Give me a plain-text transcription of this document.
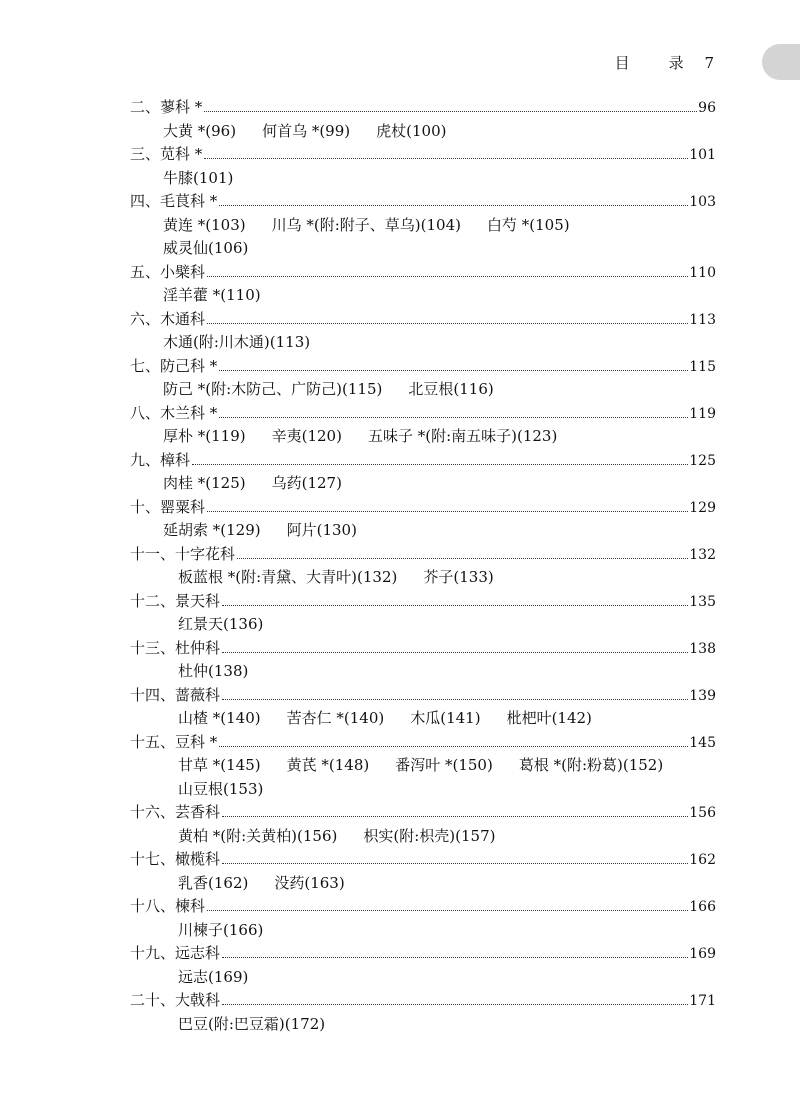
目　录 7
二、蓼科 *	96
大黄 *(96) 何首乌 *(99) 虎杖(100)
三、苋科 *	101
牛膝(101)
四、毛茛科 *	103
黄连 *(103) 川乌 *(附:附子、草乌)(104) 白芍 *(105)
威灵仙(106)
五、小檗科	110
淫羊藿 *(110)
六、木通科	113
木通(附:川木通)(113)
七、防己科 *	115
防己 *(附:木防己、广防己)(115) 北豆根(116)
八、木兰科 *	119
厚朴 *(119) 辛夷(120) 五味子 *(附:南五味子)(123)
九、樟科	125
肉桂 *(125) 乌药(127)
十、罂粟科	129
延胡索 *(129) 阿片(130)
十一、十字花科	132
板蓝根 *(附:青黛、大青叶)(132) 芥子(133)
十二、景天科	135
红景天(136)
十三、杜仲科	138
杜仲(138)
十四、蔷薇科	139
山楂 *(140) 苦杏仁 *(140) 木瓜(141) 枇杷叶(142)
十五、豆科 *	145
甘草 *(145) 黄芪 *(148) 番泻叶 *(150) 葛根 *(附:粉葛)(152)
山豆根(153)
十六、芸香科	156
黄柏 *(附:关黄柏)(156) 枳实(附:枳壳)(157)
十七、橄榄科	162
乳香(162) 没药(163)
十八、楝科	166
川楝子(166)
十九、远志科	169
远志(169)
二十、大戟科	171
巴豆(附:巴豆霜)(172)
